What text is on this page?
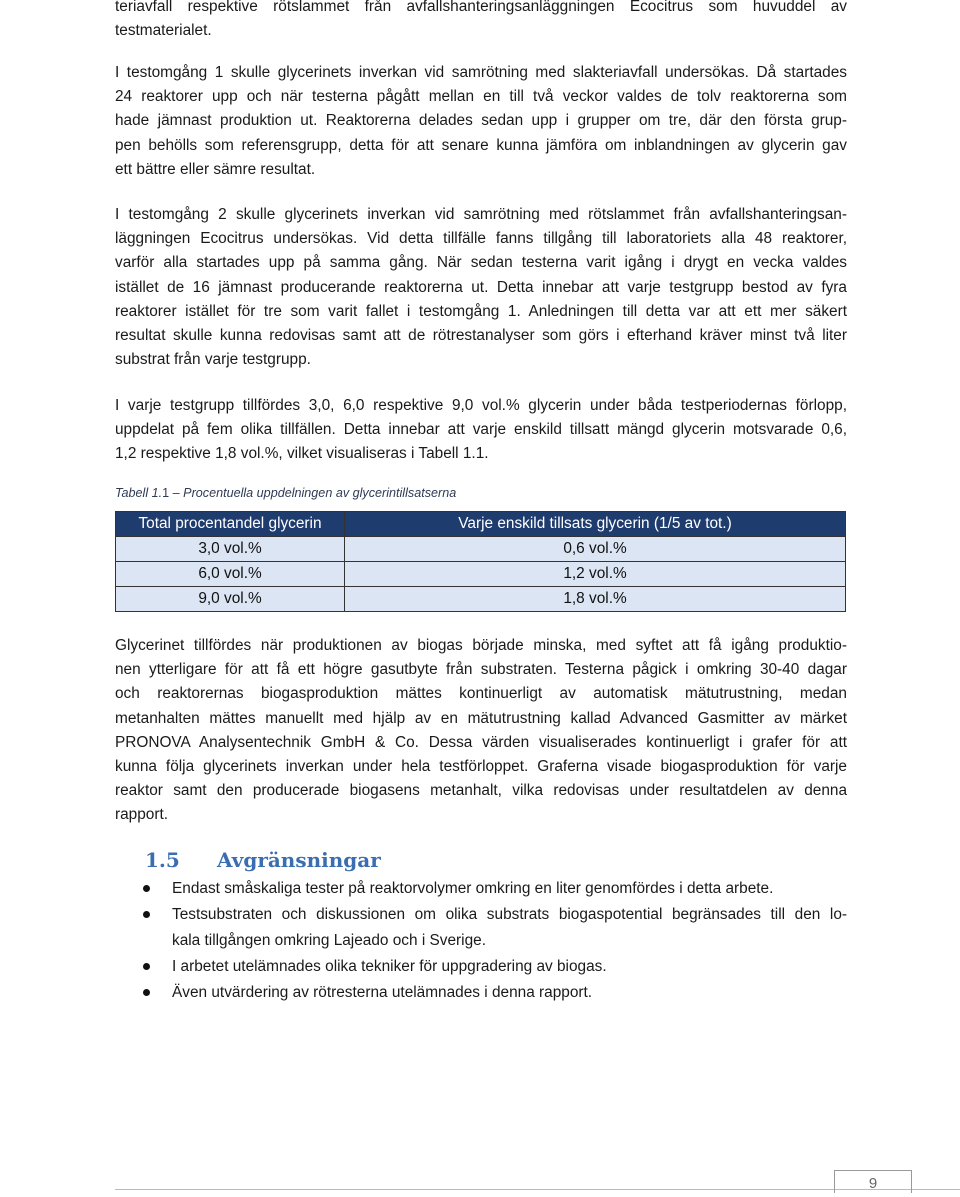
teriavfall respektive rötslammet från avfallshanteringsanläggningen Ecocitrus som huvuddel av
testmaterialet.

I testomgång 1 skulle glycerinets inverkan vid samrötning med slakteriavfall undersökas. Då startades
24 reaktorer upp och när testerna pågått mellan en till två veckor valdes de tolv reaktorerna som
hade jämnast produktion ut. Reaktorerna delades sedan upp i grupper om tre, där den första grup-
pen behölls som referensgrupp, detta för att senare kunna jämföra om inblandningen av glycerin gav
ett bättre eller sämre resultat.

I testomgång 2 skulle glycerinets inverkan vid samrötning med rötslammet från avfallshanteringsan-
läggningen Ecocitrus undersökas. Vid detta tillfälle fanns tillgång till laboratoriets alla 48 reaktorer,
varför alla startades upp på samma gång. När sedan testerna varit igång i drygt en vecka valdes
istället de 16 jämnast producerande reaktorerna ut. Detta innebar att varje testgrupp bestod av fyra
reaktorer istället för tre som varit fallet i testomgång 1. Anledningen till detta var att ett mer säkert
resultat skulle kunna redovisas samt att de rötrestanalyser som görs i efterhand kräver minst två liter
substrat från varje testgrupp.

I varje testgrupp tillfördes 3,0, 6,0 respektive 9,0 vol.% glycerin under båda testperiodernas förlopp,
uppdelat på fem olika tillfällen. Detta innebar att varje enskild tillsatt mängd glycerin motsvarade 0,6,
1,2 respektive 1,8 vol.%, vilket visualiseras i Tabell 1.1.

Tabell 1.1 – Procentuella uppdelningen av glycerintillsatserna
Total procentandel glycerin	Varje enskild tillsats glycerin (1/5 av tot.)
3,0 vol.%	0,6 vol.%
6,0 vol.%	1,2 vol.%
9,0 vol.%	1,8 vol.%

Glycerinet tillfördes när produktionen av biogas började minska, med syftet att få igång produktio-
nen ytterligare för att få ett högre gasutbyte från substraten. Testerna pågick i omkring 30-40 dagar
och reaktorernas biogasproduktion mättes kontinuerligt av automatisk mätutrustning, medan
metanhalten mättes manuellt med hjälp av en mätutrustning kallad Advanced Gasmitter av märket
PRONOVA Analysentechnik GmbH & Co. Dessa värden visualiserades kontinuerligt i grafer för att
kunna följa glycerinets inverkan under hela testförloppet. Graferna visade biogasproduktion för varje
reaktor samt den producerade biogasens metanhalt, vilka redovisas under resultatdelen av denna
rapport.

1.5 Avgränsningar
Endast småskaliga tester på reaktorvolymer omkring en liter genomfördes i detta arbete.
Testsubstraten och diskussionen om olika substrats biogaspotential begränsades till den lo-
kala tillgången omkring Lajeado och i Sverige.
I arbetet utelämnades olika tekniker för uppgradering av biogas.
Även utvärdering av rötresterna utelämnades i denna rapport.
9
